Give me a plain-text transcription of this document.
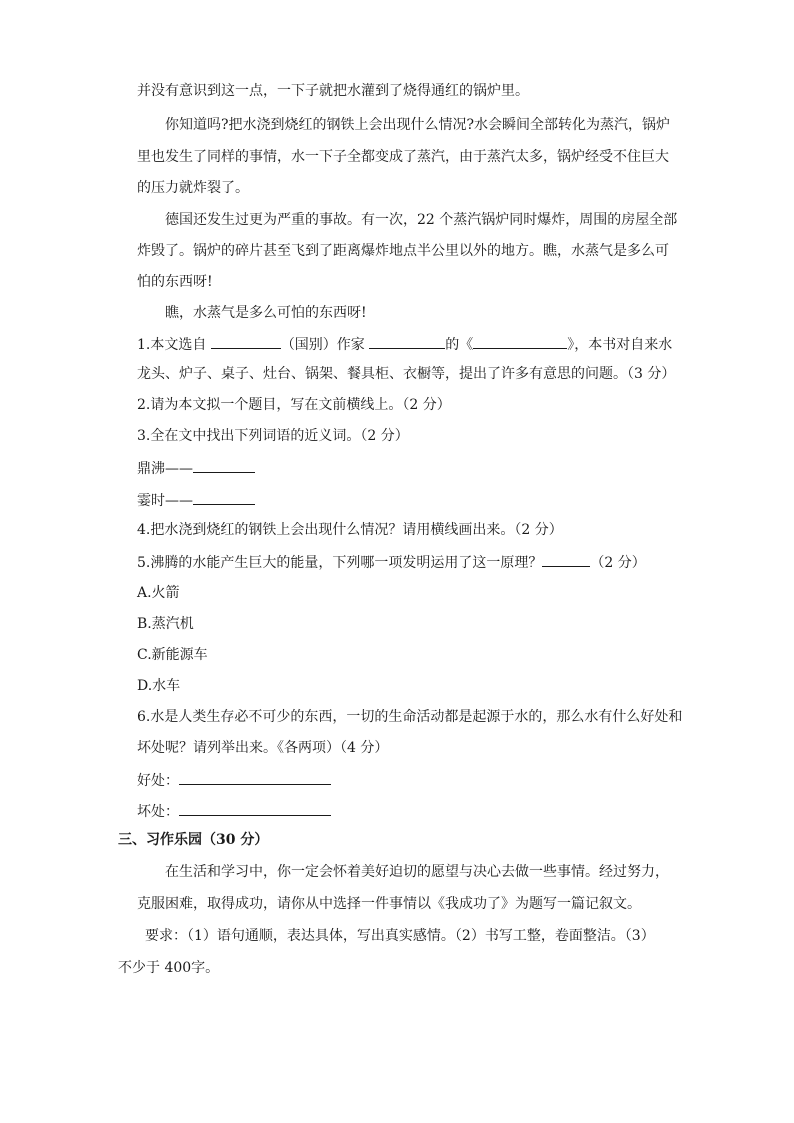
并没有意识到这一点，一下子就把水灌到了烧得通红的锅炉里。

你知道吗?把水浇到烧红的钢铁上会出现什么情况?水会瞬间全部转化为蒸汽，锅炉

里也发生了同样的事情，水一下子全都变成了蒸汽，由于蒸汽太多，锅炉经受不住巨大

的压力就炸裂了。

德国还发生过更为严重的事故。有一次，22 个蒸汽锅炉同时爆炸，周围的房屋全部

炸毁了。锅炉的碎片甚至飞到了距离爆炸地点半公里以外的地方。瞧，水蒸气是多么可

怕的东西呀!

瞧，水蒸气是多么可怕的东西呀!

1.本文选自	（国别）作家	的《	》，本书对自来水

龙头、炉子、桌子、灶台、锅架、餐具柜、衣橱等，提出了许多有意思的问题。（3 分）

2.请为本文拟一个题目，写在文前横线上。（2 分）

3.全在文中找出下列词语的近义词。（2 分）

鼎沸——

霎时——

4.把水浇到烧红的钢铁上会出现什么情况？请用横线画出来。（2 分）

5.沸腾的水能产生巨大的能量，下列哪一项发明运用了这一原理？	（2 分）

A.火箭

B.蒸汽机

C.新能源车

D.水车

6.水是人类生存必不可少的东西，一切的生命活动都是起源于水的，那么水有什么好处和

坏处呢？请列举出来。《各两项）（4 分）

好处：

坏处：

三、习作乐园（30 分）

在生活和学习中，你一定会怀着美好迫切的愿望与决心去做一些事情。经过努力，

克服困难，取得成功，请你从中选择一件事情以《我成功了》为题写一篇记叙文。

要求：（1）语句通顺，表达具体，写出真实感情。（2）书写工整，卷面整洁。（3）

不少于 400字。
